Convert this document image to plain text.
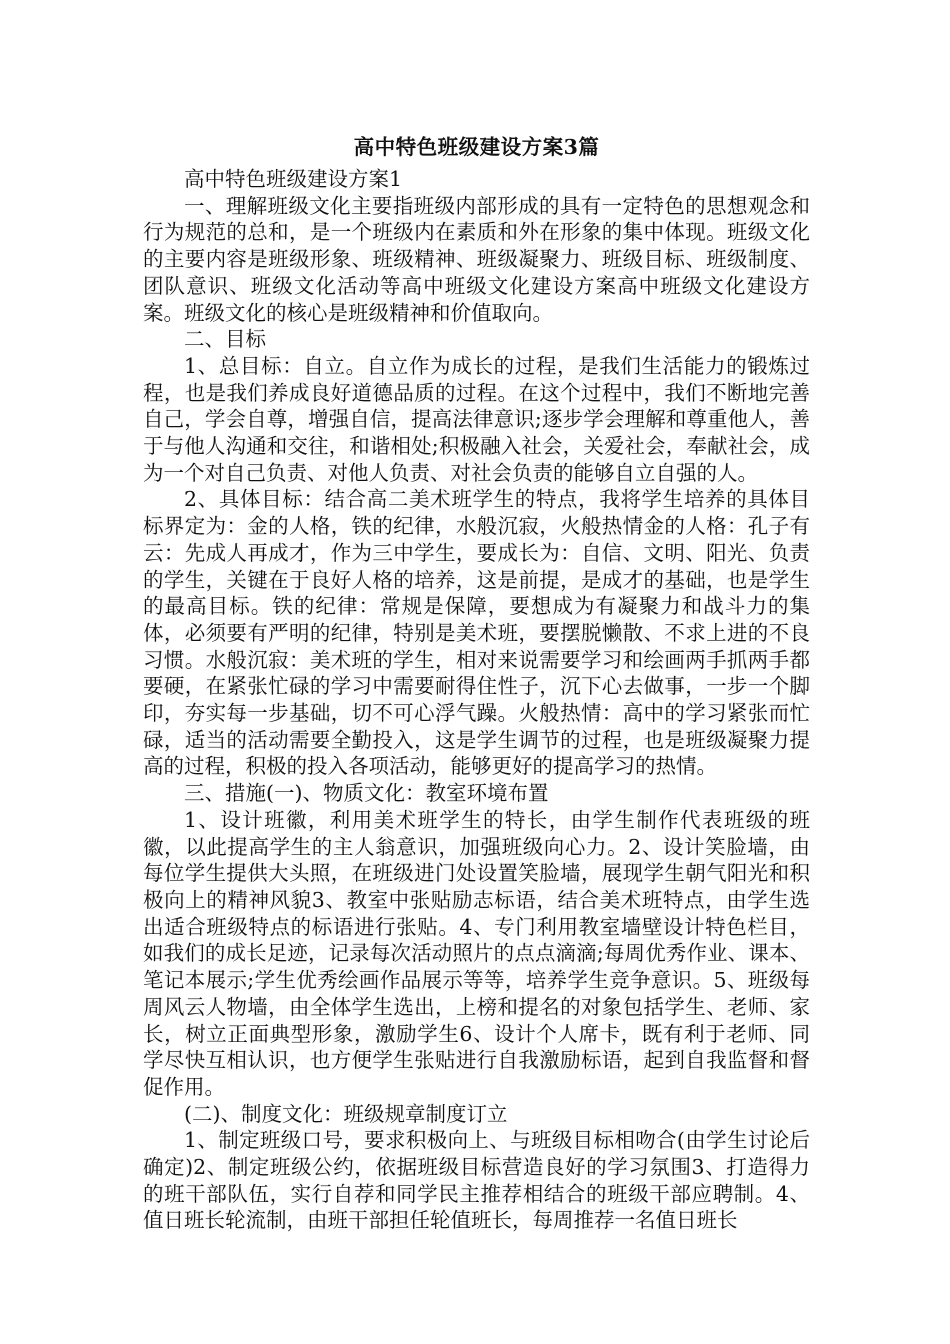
高中特色班级建设方案3篇

高中特色班级建设方案1

一、理解班级文化主要指班级内部形成的具有一定特色的思想观念和行为规范的总和，是一个班级内在素质和外在形象的集中体现。班级文化的主要内容是班级形象、班级精神、班级凝聚力、班级目标、班级制度、团队意识、班级文化活动等高中班级文化建设方案高中班级文化建设方案。班级文化的核心是班级精神和价值取向。

二、目标

1、总目标：自立。自立作为成长的过程，是我们生活能力的锻炼过程，也是我们养成良好道德品质的过程。在这个过程中，我们不断地完善自己，学会自尊，增强自信，提高法律意识;逐步学会理解和尊重他人，善于与他人沟通和交往，和谐相处;积极融入社会，关爱社会，奉献社会，成为一个对自己负责、对他人负责、对社会负责的能够自立自强的人。

2、具体目标：结合高二美术班学生的特点，我将学生培养的具体目标界定为：金的人格，铁的纪律，水般沉寂，火般热情金的人格：孔子有云：先成人再成才，作为三中学生，要成长为：自信、文明、阳光、负责的学生，关键在于良好人格的培养，这是前提，是成才的基础，也是学生的最高目标。铁的纪律：常规是保障，要想成为有凝聚力和战斗力的集体，必须要有严明的纪律，特别是美术班，要摆脱懒散、不求上进的不良习惯。水般沉寂：美术班的学生，相对来说需要学习和绘画两手抓两手都要硬，在紧张忙碌的学习中需要耐得住性子，沉下心去做事，一步一个脚印，夯实每一步基础，切不可心浮气躁。火般热情：高中的学习紧张而忙碌，适当的活动需要全勤投入，这是学生调节的过程，也是班级凝聚力提高的过程，积极的投入各项活动，能够更好的提高学习的热情。

三、措施(一)、物质文化：教室环境布置

1、设计班徽，利用美术班学生的特长，由学生制作代表班级的班徽，以此提高学生的主人翁意识，加强班级向心力。2、设计笑脸墙，由每位学生提供大头照，在班级进门处设置笑脸墙，展现学生朝气阳光和积极向上的精神风貌3、教室中张贴励志标语，结合美术班特点，由学生选出适合班级特点的标语进行张贴。4、专门利用教室墙壁设计特色栏目，如我们的成长足迹，记录每次活动照片的点点滴滴;每周优秀作业、课本、笔记本展示;学生优秀绘画作品展示等等，培养学生竞争意识。5、班级每周风云人物墙，由全体学生选出，上榜和提名的对象包括学生、老师、家长，树立正面典型形象，激励学生6、设计个人席卡，既有利于老师、同学尽快互相认识，也方便学生张贴进行自我激励标语，起到自我监督和督促作用。

(二)、制度文化：班级规章制度订立

1、制定班级口号，要求积极向上、与班级目标相吻合(由学生讨论后确定)2、制定班级公约，依据班级目标营造良好的学习氛围3、打造得力的班干部队伍，实行自荐和同学民主推荐相结合的班级干部应聘制。4、值日班长轮流制，由班干部担任轮值班长，每周推荐一名值日班长
